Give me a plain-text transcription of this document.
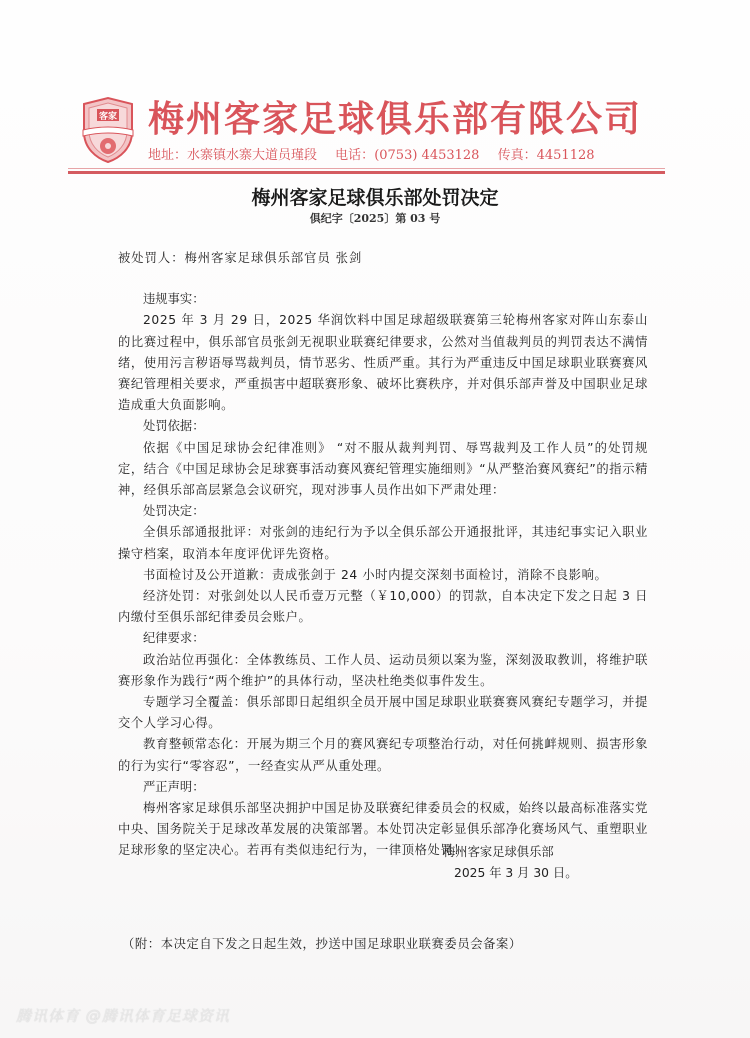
客家 梅州客家足球俱乐部有限公司
地址：水寨镇水寨大道员瑾段 电话：(0753) 4453128 传真：4451128
梅州客家足球俱乐部处罚决定
俱纪字〔2025〕第 03 号

被处罚人：梅州客家足球俱乐部官员 张剑

违规事实：

2025 年 3 月 29 日，2025 华润饮料中国足球超级联赛第三轮梅州客家对阵山东泰山的比赛过程中，俱乐部官员张剑无视职业联赛纪律要求，公然对当值裁判员的判罚表达不满情绪，使用污言秽语辱骂裁判员，情节恶劣、性质严重。其行为严重违反中国足球职业联赛赛风赛纪管理相关要求，严重损害中超联赛形象、破坏比赛秩序，并对俱乐部声誉及中国职业足球造成重大负面影响。

处罚依据：

依据《中国足球协会纪律准则》 “对不服从裁判判罚、辱骂裁判及工作人员”的处罚规定，结合《中国足球协会足球赛事活动赛风赛纪管理实施细则》“从严整治赛风赛纪”的指示精神，经俱乐部高层紧急会议研究，现对涉事人员作出如下严肃处理：

处罚决定：

全俱乐部通报批评：对张剑的违纪行为予以全俱乐部公开通报批评，其违纪事实记入职业操守档案，取消本年度评优评先资格。

书面检讨及公开道歉：责成张剑于 24 小时内提交深刻书面检讨，消除不良影响。

经济处罚：对张剑处以人民币壹万元整（￥10,000）的罚款，自本决定下发之日起 3 日内缴付至俱乐部纪律委员会账户。

纪律要求：

政治站位再强化：全体教练员、工作人员、运动员须以案为鉴，深刻汲取教训，将维护联赛形象作为践行“两个维护”的具体行动，坚决杜绝类似事件发生。

专题学习全覆盖：俱乐部即日起组织全员开展中国足球职业联赛赛风赛纪专题学习，并提交个人学习心得。

教育整顿常态化：开展为期三个月的赛风赛纪专项整治行动，对任何挑衅规则、损害形象的行为实行“零容忍”，一经查实从严从重处理。

严正声明：

梅州客家足球俱乐部坚决拥护中国足协及联赛纪律委员会的权威，始终以最高标准落实党中央、国务院关于足球改革发展的决策部署。本处罚决定彰显俱乐部净化赛场风气、重塑职业足球形象的坚定决心。若再有类似违纪行为，一律顶格处罚！

梅州客家足球俱乐部
2025 年 3 月 30 日。
（附：本决定自下发之日起生效，抄送中国足球职业联赛委员会备案）
腾讯体育 @腾讯体育足球资讯
